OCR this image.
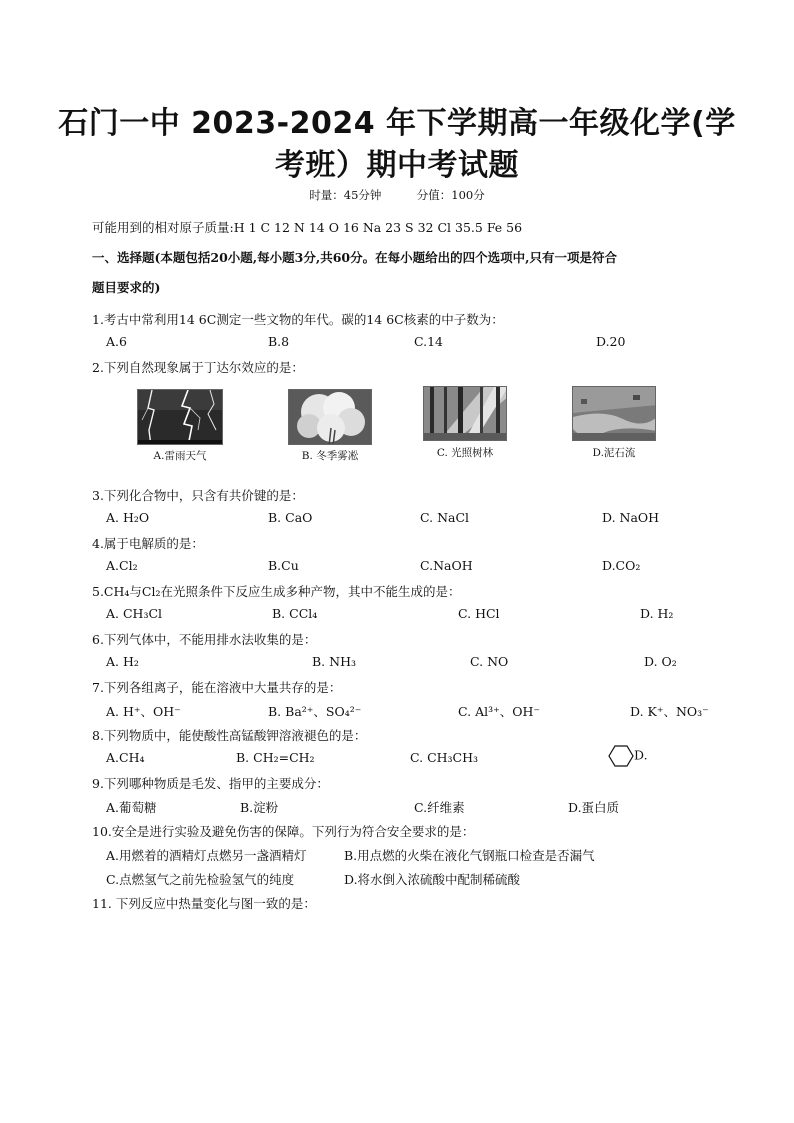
石门一中 2023-2024 年下学期高一年级化学(学
考班）期中考试题
时量：45分钟	分值：100分
可能用到的相对原子质量:H 1 C 12 N 14 O 16 Na 23 S 32 Cl 35.5 Fe 56
一、选择题(本题包括20小题,每小题3分,共60分。在每小题给出的四个选项中,只有一项是符合
题目要求的)
1.考古中常利用14 6C测定一些文物的年代。碳的14 6C核素的中子数为：
A.6	B.8	C.14	D.20
2.下列自然现象属于丁达尔效应的是：
A.雷雨天气	B. 冬季雾凇	C. 光照树林	D.泥石流
3.下列化合物中，只含有共价键的是：
A. H₂O	B. CaO	C. NaCl	D. NaOH
4.属于电解质的是：
A.Cl₂	B.Cu	C.NaOH	D.CO₂
5.CH₄与Cl₂在光照条件下反应生成多种产物，其中不能生成的是：
A. CH₃Cl	B. CCl₄	C. HCl	D. H₂
6.下列气体中，不能用排水法收集的是：
A. H₂	B. NH₃	C. NO	D. O₂
7.下列各组离子，能在溶液中大量共存的是：
A. H⁺、OH⁻	B. Ba²⁺、SO₄²⁻	C. Al³⁺、OH⁻	D. K⁺、NO₃⁻
8.下列物质中，能使酸性高锰酸钾溶液褪色的是：
A.CH₄	B. CH₂=CH₂	C. CH₃CH₃	D.
9.下列哪种物质是毛发、指甲的主要成分：
A.葡萄糖	B.淀粉	C.纤维素	D.蛋白质
10.安全是进行实验及避免伤害的保障。下列行为符合安全要求的是：
A.用燃着的酒精灯点燃另一盏酒精灯	B.用点燃的火柴在液化气钢瓶口检查是否漏气
C.点燃氢气之前先检验氢气的纯度	D.将水倒入浓硫酸中配制稀硫酸
11. 下列反应中热量变化与图一致的是：
